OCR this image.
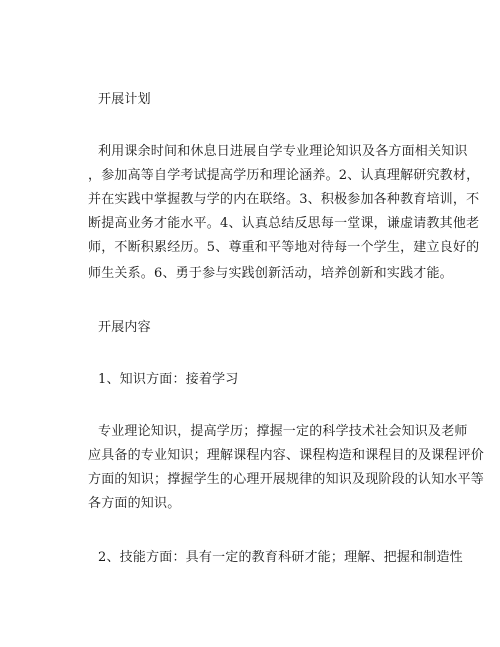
开展计划
利用课余时间和休息日进展自学专业理论知识及各方面相关知识
，参加高等自学考试提高学历和理论涵养。2、认真理解研究教材，
并在实践中掌握教与学的内在联络。3、积极参加各种教育培训，不
断提高业务才能水平。4、认真总结反思每一堂课，谦虚请教其他老
师，不断积累经历。5、尊重和平等地对待每一个学生，建立良好的
师生关系。6、勇于参与实践创新活动，培养创新和实践才能。
开展内容
1、知识方面：接着学习
专业理论知识，提高学历；撑握一定的科学技术社会知识及老师
应具备的专业知识；理解课程内容、课程构造和课程目的及课程评价
方面的知识；撑握学生的心理开展规律的知识及现阶段的认知水平等
各方面的知识。
2、技能方面：具有一定的教育科研才能；理解、把握和制造性
